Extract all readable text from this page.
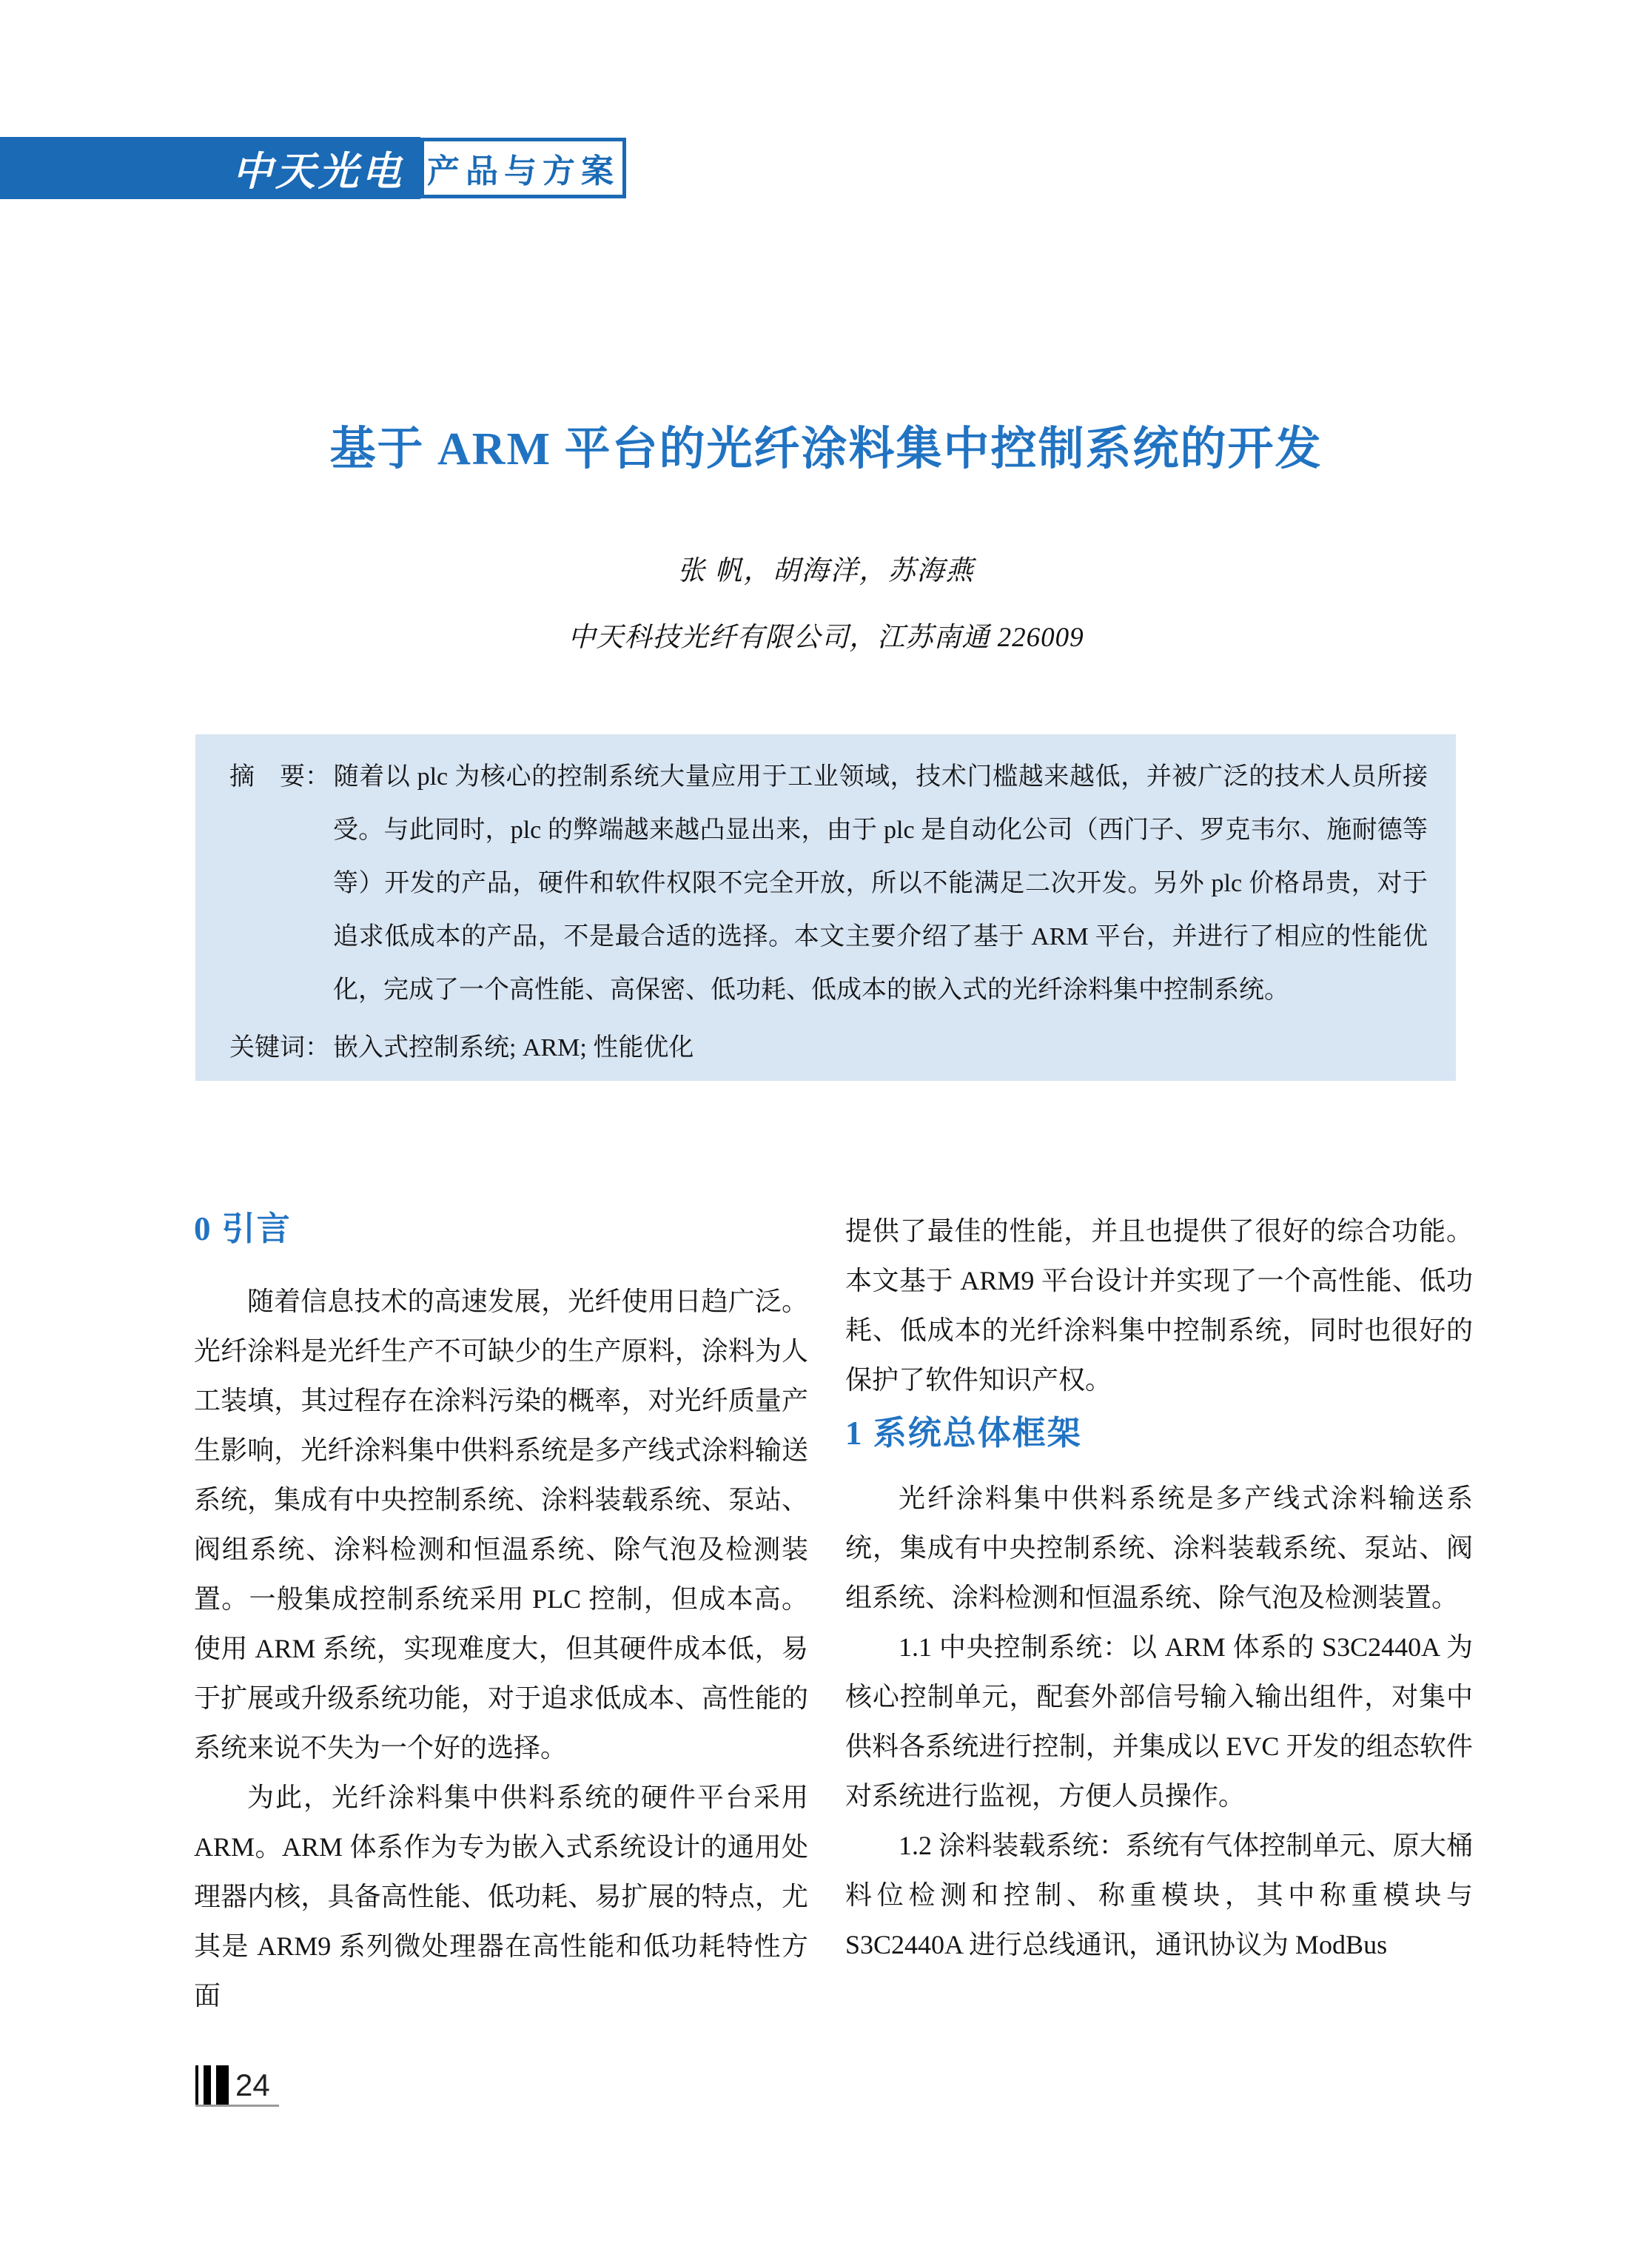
中天光电 产品与方案
基于 ARM 平台的光纤涂料集中控制系统的开发
张 帆，胡海洋，苏海燕
中天科技光纤有限公司，江苏南通 226009

摘　要： 随着以 plc 为核心的控制系统大量应用于工业领域，技术门槛越来越低，并被广泛的技术人员所接受。与此同时，plc 的弊端越来越凸显出来，由于 plc 是自动化公司（西门子、罗克韦尔、施耐德等等）开发的产品，硬件和软件权限不完全开放，所以不能满足二次开发。另外 plc 价格昂贵，对于追求低成本的产品，不是最合适的选择。本文主要介绍了基于 ARM 平台，并进行了相应的性能优化，完成了一个高性能、高保密、低功耗、低成本的嵌入式的光纤涂料集中控制系统。

关键词： 嵌入式控制系统; ARM; 性能优化

0 引言

随着信息技术的高速发展，光纤使用日趋广泛。光纤涂料是光纤生产不可缺少的生产原料，涂料为人工装填，其过程存在涂料污染的概率，对光纤质量产生影响，光纤涂料集中供料系统是多产线式涂料输送系统，集成有中央控制系统、涂料装载系统、泵站、阀组系统、涂料检测和恒温系统、除气泡及检测装置。一般集成控制系统采用 PLC 控制，但成本高。使用 ARM 系统，实现难度大，但其硬件成本低，易于扩展或升级系统功能，对于追求低成本、高性能的系统来说不失为一个好的选择。

为此，光纤涂料集中供料系统的硬件平台采用 ARM。ARM 体系作为专为嵌入式系统设计的通用处理器内核，具备高性能、低功耗、易扩展的特点，尤其是 ARM9 系列微处理器在高性能和低功耗特性方面

提供了最佳的性能，并且也提供了很好的综合功能。本文基于 ARM9 平台设计并实现了一个高性能、低功耗、低成本的光纤涂料集中控制系统，同时也很好的保护了软件知识产权。

1 系统总体框架

光纤涂料集中供料系统是多产线式涂料输送系统，集成有中央控制系统、涂料装载系统、泵站、阀组系统、涂料检测和恒温系统、除气泡及检测装置。

1.1 中央控制系统：以 ARM 体系的 S3C2440A 为核心控制单元，配套外部信号输入输出组件，对集中供料各系统进行控制，并集成以 EVC 开发的组态软件对系统进行监视，方便人员操作。

1.2 涂料装载系统：系统有气体控制单元、原大桶料位检测和控制、称重模块，其中称重模块与 S3C2440A 进行总线通讯，通讯协议为 ModBus

24
